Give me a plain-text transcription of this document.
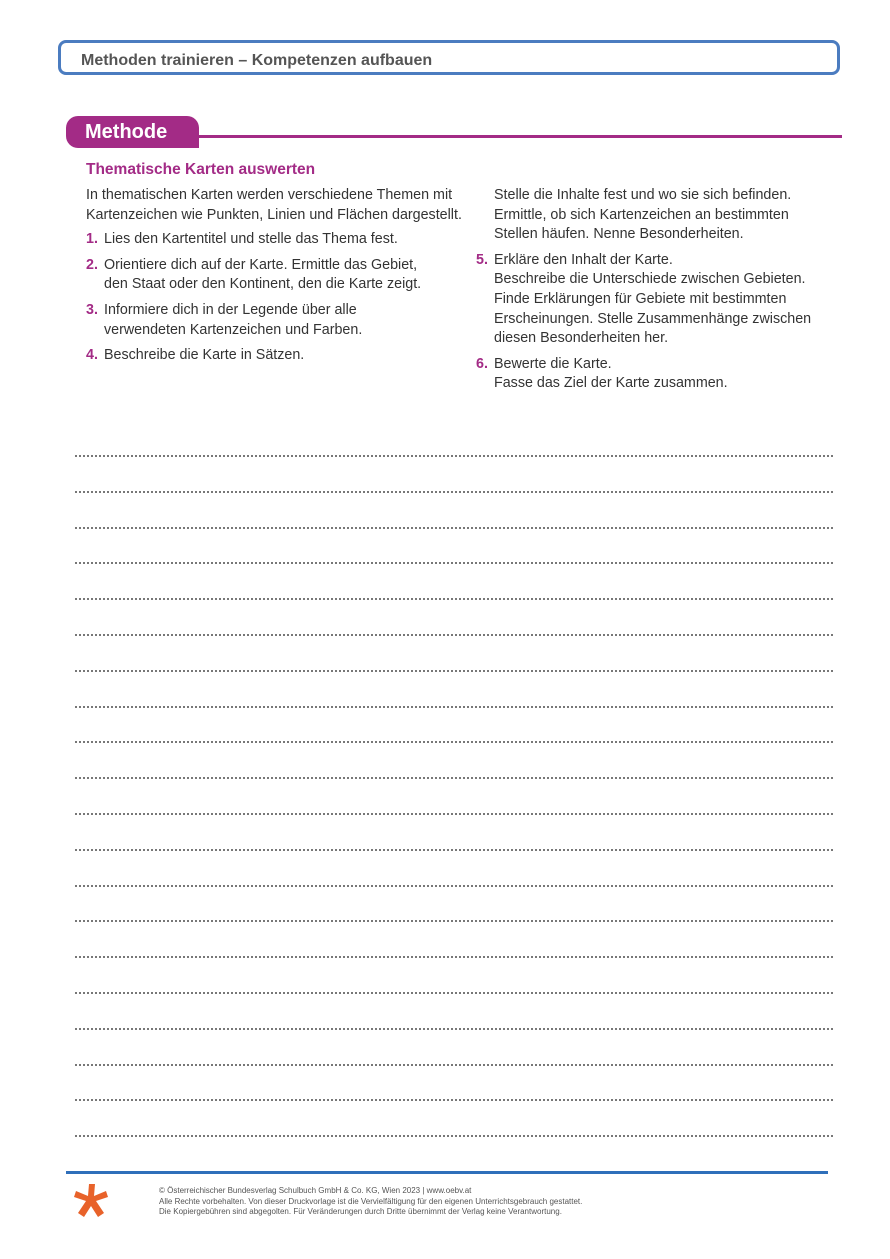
Methoden trainieren – Kompetenzen aufbauen
Methode
Thematische Karten auswerten

In thematischen Karten werden verschiedene Themen mit Kartenzeichen wie Punkten, Linien und Flächen dargestellt.

1. Lies den Kartentitel und stelle das Thema fest.
2. Orientiere dich auf der Karte. Ermittle das Gebiet,
den Staat oder den Kontinent, den die Karte zeigt.
3. Informiere dich in der Legende über alle
verwendeten Kartenzeichen und Farben.
4. Beschreibe die Karte in Sätzen.
Stelle die Inhalte fest und wo sie sich befinden.
Ermittle, ob sich Kartenzeichen an bestimmten
Stellen häufen. Nenne Besonderheiten.
5. Erkläre den Inhalt der Karte.
Beschreibe die Unterschiede zwischen Gebieten.
Finde Erklärungen für Gebiete mit bestimmten
Erscheinungen. Stelle Zusammenhänge zwischen
diesen Besonderheiten her.
6. Bewerte die Karte.
Fasse das Ziel der Karte zusammen.
© Österreichischer Bundesverlag Schulbuch GmbH & Co. KG, Wien 2023 | www.oebv.at
Alle Rechte vorbehalten. Von dieser Druckvorlage ist die Vervielfältigung für den eigenen Unterrichtsgebrauch gestattet.
Die Kopiergebühren sind abgegolten. Für Veränderungen durch Dritte übernimmt der Verlag keine Verantwortung.
